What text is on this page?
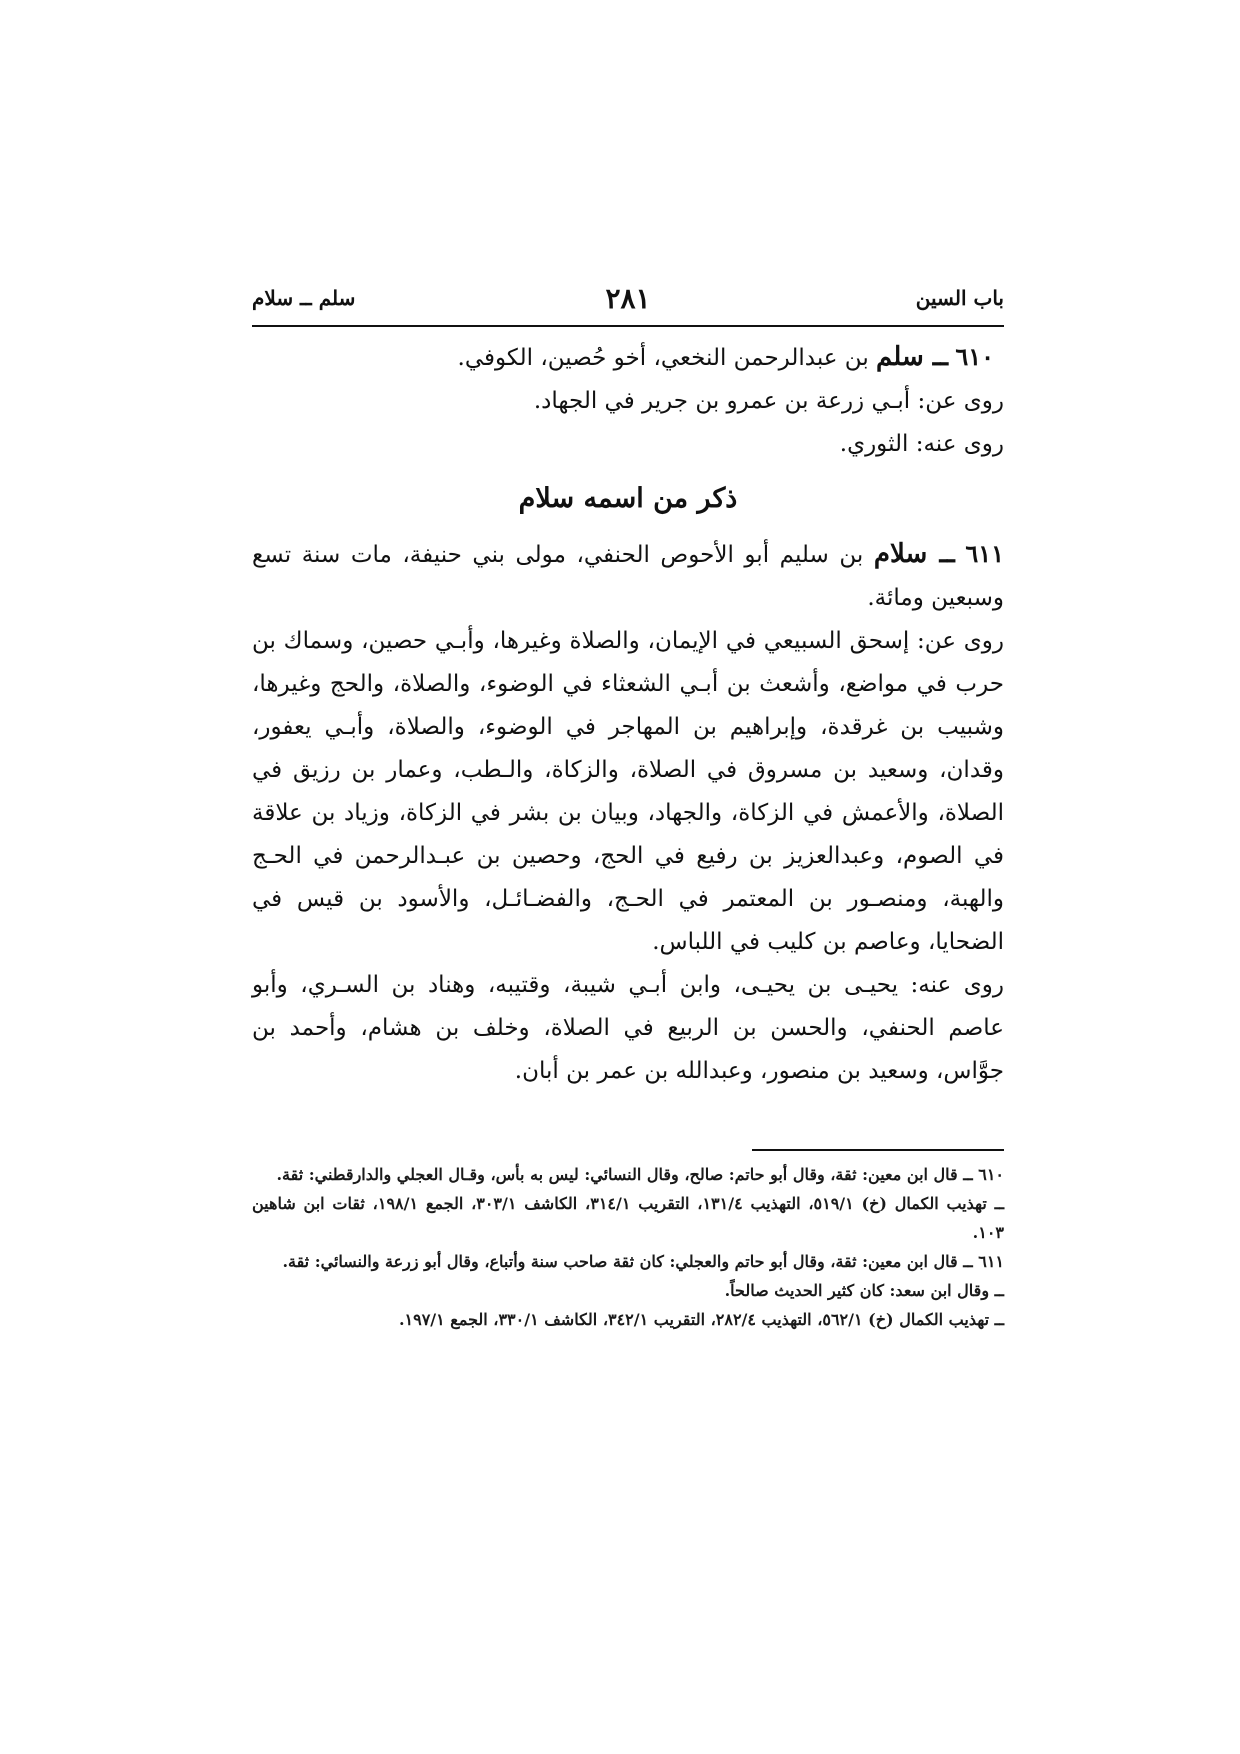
باب السين
٢٨١
سلم ــ سلام

٦١٠ ــ سلم بن عبدالرحمن النخعي، أخو حُصين، الكوفي.

روى عن: أبـي زرعة بن عمرو بن جرير في الجهاد.

روى عنه: الثوري.

ذكر من اسمه سلام

٦١١ ــ سلام بن سليم أبو الأحوص الحنفي، مولى بني حنيفة، مات سنة تسع وسبعين ومائة.

روى عن: إسحق السبيعي في الإيمان، والصلاة وغيرها، وأبـي حصين، وسماك بن حرب في مواضع، وأشعث بن أبـي الشعثاء في الوضوء، والصلاة، والحج وغيرها، وشبيب بن غرقدة، وإبراهيم بن المهاجر في الوضوء، والصلاة، وأبـي يعفور، وقدان، وسعيد بن مسروق في الصلاة، والزكاة، والـطب، وعمار بن رزيق في الصلاة، والأعمش في الزكاة، والجهاد، وبيان بن بشر في الزكاة، وزياد بن علاقة في الصوم، وعبدالعزيز بن رفيع في الحج، وحصين بن عبـدالرحمن في الحـج والهبة، ومنصـور بن المعتمر في الحـج، والفضـائـل، والأسود بن قيس في الضحايا، وعاصم بن كليب في اللباس.

روى عنه: يحيـى بن يحيـى، وابن أبـي شيبة، وقتيبه، وهناد بن السـري، وأبو عاصم الحنفي، والحسن بن الربيع في الصلاة، وخلف بن هشام، وأحمد بن جوَّاس، وسعيد بن منصور، وعبدالله بن عمر بن أبان.

٦١٠ ــ قال ابن معين: ثقة، وقال أبو حاتم: صالح، وقال النسائي: ليس به بأس، وقـال العجلي والدارقطني: ثقة.

ــ تهذيب الكمال (خ) ٥١٩/١، التهذيب ١٣١/٤، التقريب ٣١٤/١، الكاشف ٣٠٣/١، الجمع ١٩٨/١، ثقات ابن شاهين ١٠٣.

٦١١ ــ قال ابن معين: ثقة، وقال أبو حاتم والعجلي: كان ثقة صاحب سنة وأتباع، وقال أبو زرعة والنسائي: ثقة.

ــ وقال ابن سعد: كان كثير الحديث صالحاً.

ــ تهذيب الكمال (خ) ٥٦٢/١، التهذيب ٢٨٢/٤، التقريب ٣٤٢/١، الكاشف ٣٣٠/١، الجمع ١٩٧/١.
